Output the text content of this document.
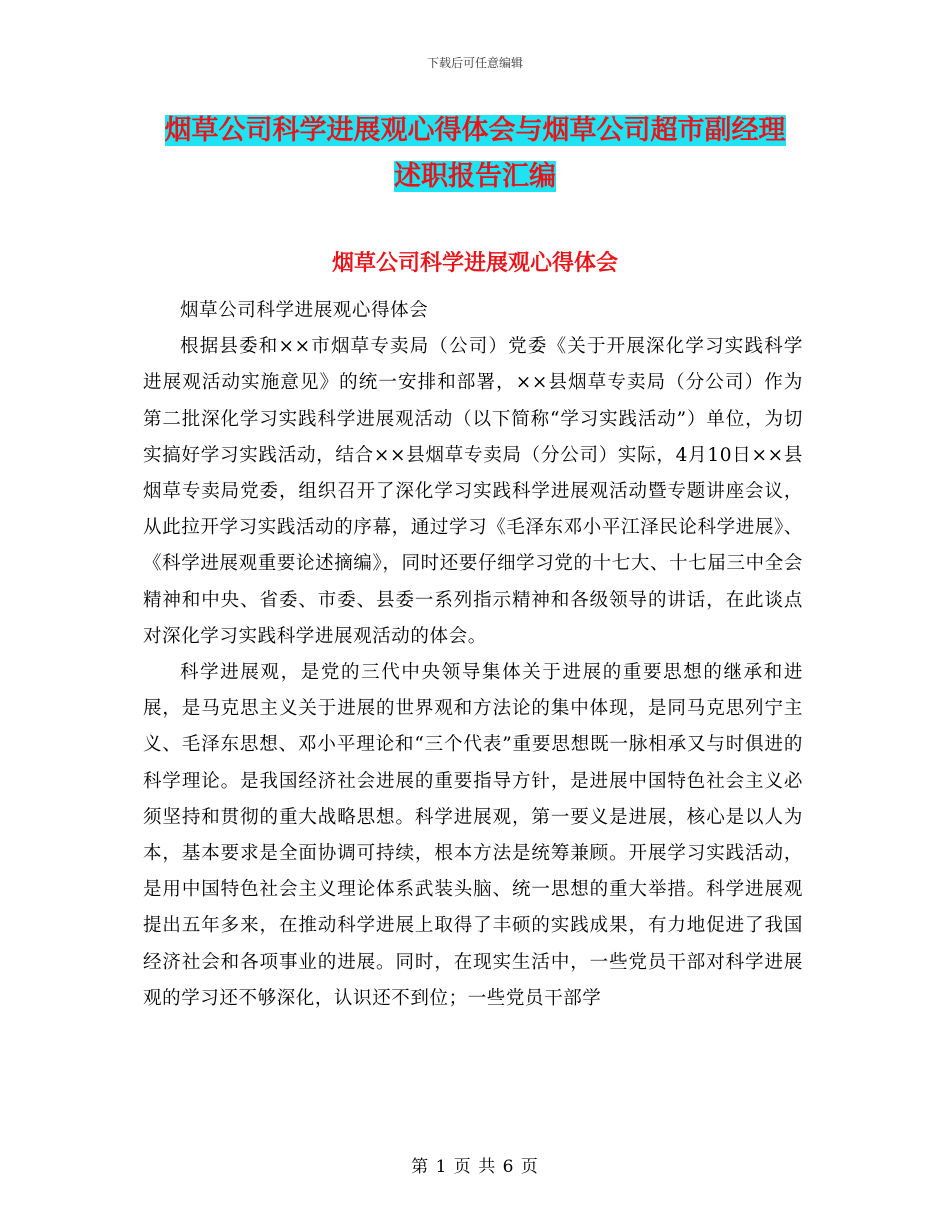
下载后可任意编辑
烟草公司科学进展观心得体会与烟草公司超市副经理
述职报告汇编
烟草公司科学进展观心得体会

烟草公司科学进展观心得体会

根据县委和××市烟草专卖局（公司）党委《关于开展深化学习实践科学进展观活动实施意见》的统一安排和部署，××县烟草专卖局（分公司）作为第二批深化学习实践科学进展观活动（以下简称“学习实践活动”）单位，为切实搞好学习实践活动，结合××县烟草专卖局（分公司）实际，4月10日××县烟草专卖局党委，组织召开了深化学习实践科学进展观活动暨专题讲座会议，从此拉开学习实践活动的序幕，通过学习《毛泽东邓小平江泽民论科学进展》、《科学进展观重要论述摘编》，同时还要仔细学习党的十七大、十七届三中全会精神和中央、省委、市委、县委一系列指示精神和各级领导的讲话，在此谈点对深化学习实践科学进展观活动的体会。

科学进展观，是党的三代中央领导集体关于进展的重要思想的继承和进展，是马克思主义关于进展的世界观和方法论的集中体现，是同马克思列宁主义、毛泽东思想、邓小平理论和“三个代表”重要思想既一脉相承又与时俱进的科学理论。是我国经济社会进展的重要指导方针，是进展中国特色社会主义必须坚持和贯彻的重大战略思想。科学进展观，第一要义是进展，核心是以人为本，基本要求是全面协调可持续，根本方法是统筹兼顾。开展学习实践活动，是用中国特色社会主义理论体系武装头脑、统一思想的重大举措。科学进展观提出五年多来，在推动科学进展上取得了丰硕的实践成果，有力地促进了我国经济社会和各项事业的进展。同时，在现实生活中，一些党员干部对科学进展观的学习还不够深化，认识还不到位；一些党员干部学

第 1 页 共 6 页
